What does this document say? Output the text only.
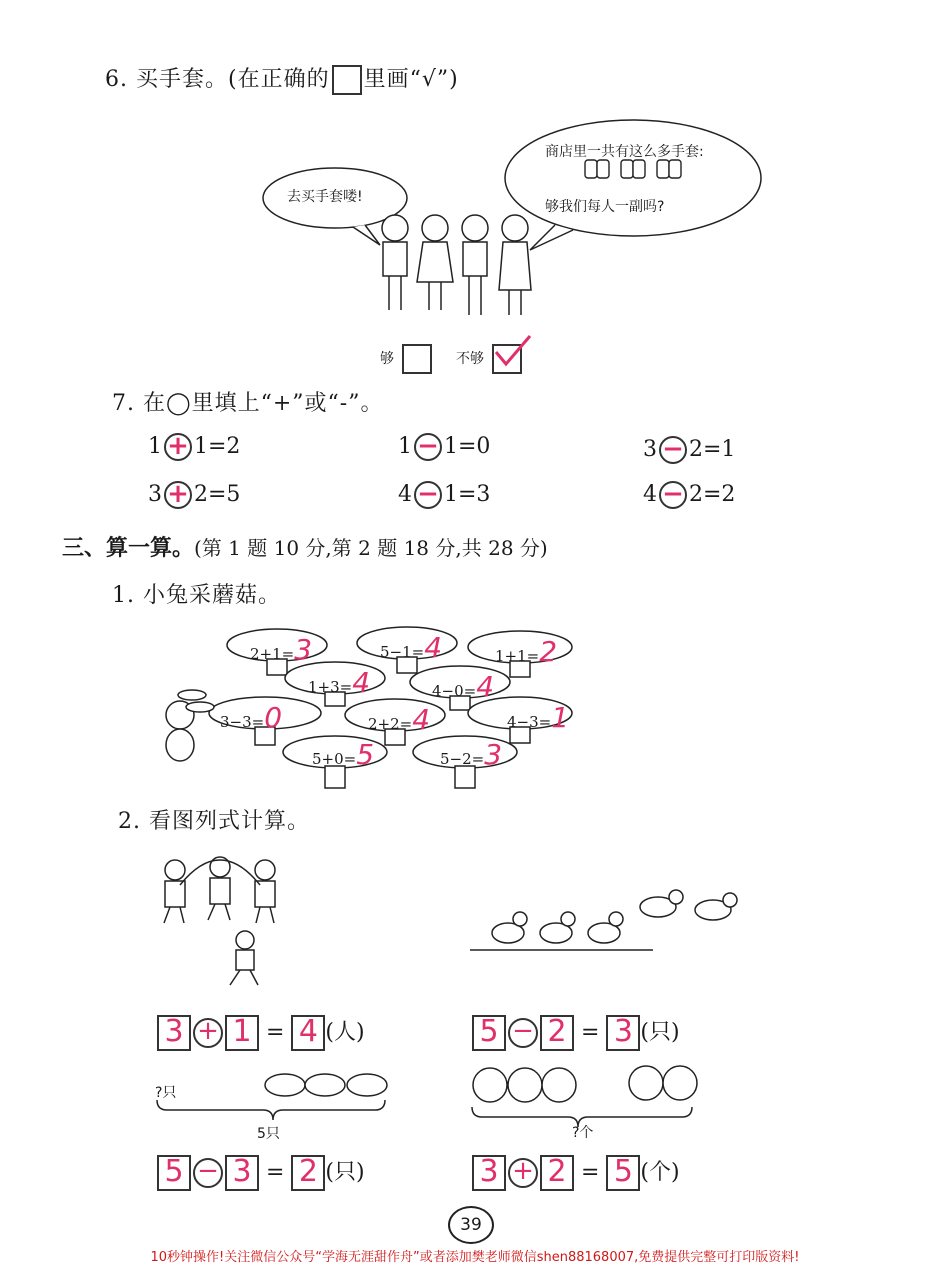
6. 买手套。(在正确的 里画“√”)
去买手套喽!
商店里一共有这么多手套:
够我们每人一副吗?
够	不够
7. 在◯里填上“+”或“-”。
1 + 1=2	1 − 1=0	3 − 2=1
3 + 2=5	4 − 1=3	4 − 2=2
三、算一算。(第 1 题 10 分,第 2 题 18 分,共 28 分)
1. 小兔采蘑菇。
2+1=3	5−1=4	1+1=2
1+3=4	4−0=4
3−3=0	2+2=4	4−3=1
5+0=5	5−2=3
2. 看图列式计算。
3 + 1 = 4 (人)	5 − 2 = 3 (只)
?只
5只	?个
5 − 3 = 2 (只)	3 + 2 = 5 (个)
39
10秒钟操作!关注微信公众号“学海无涯甜作舟”或者添加樊老师微信shen88168007,免费提供完整可打印版资料!
